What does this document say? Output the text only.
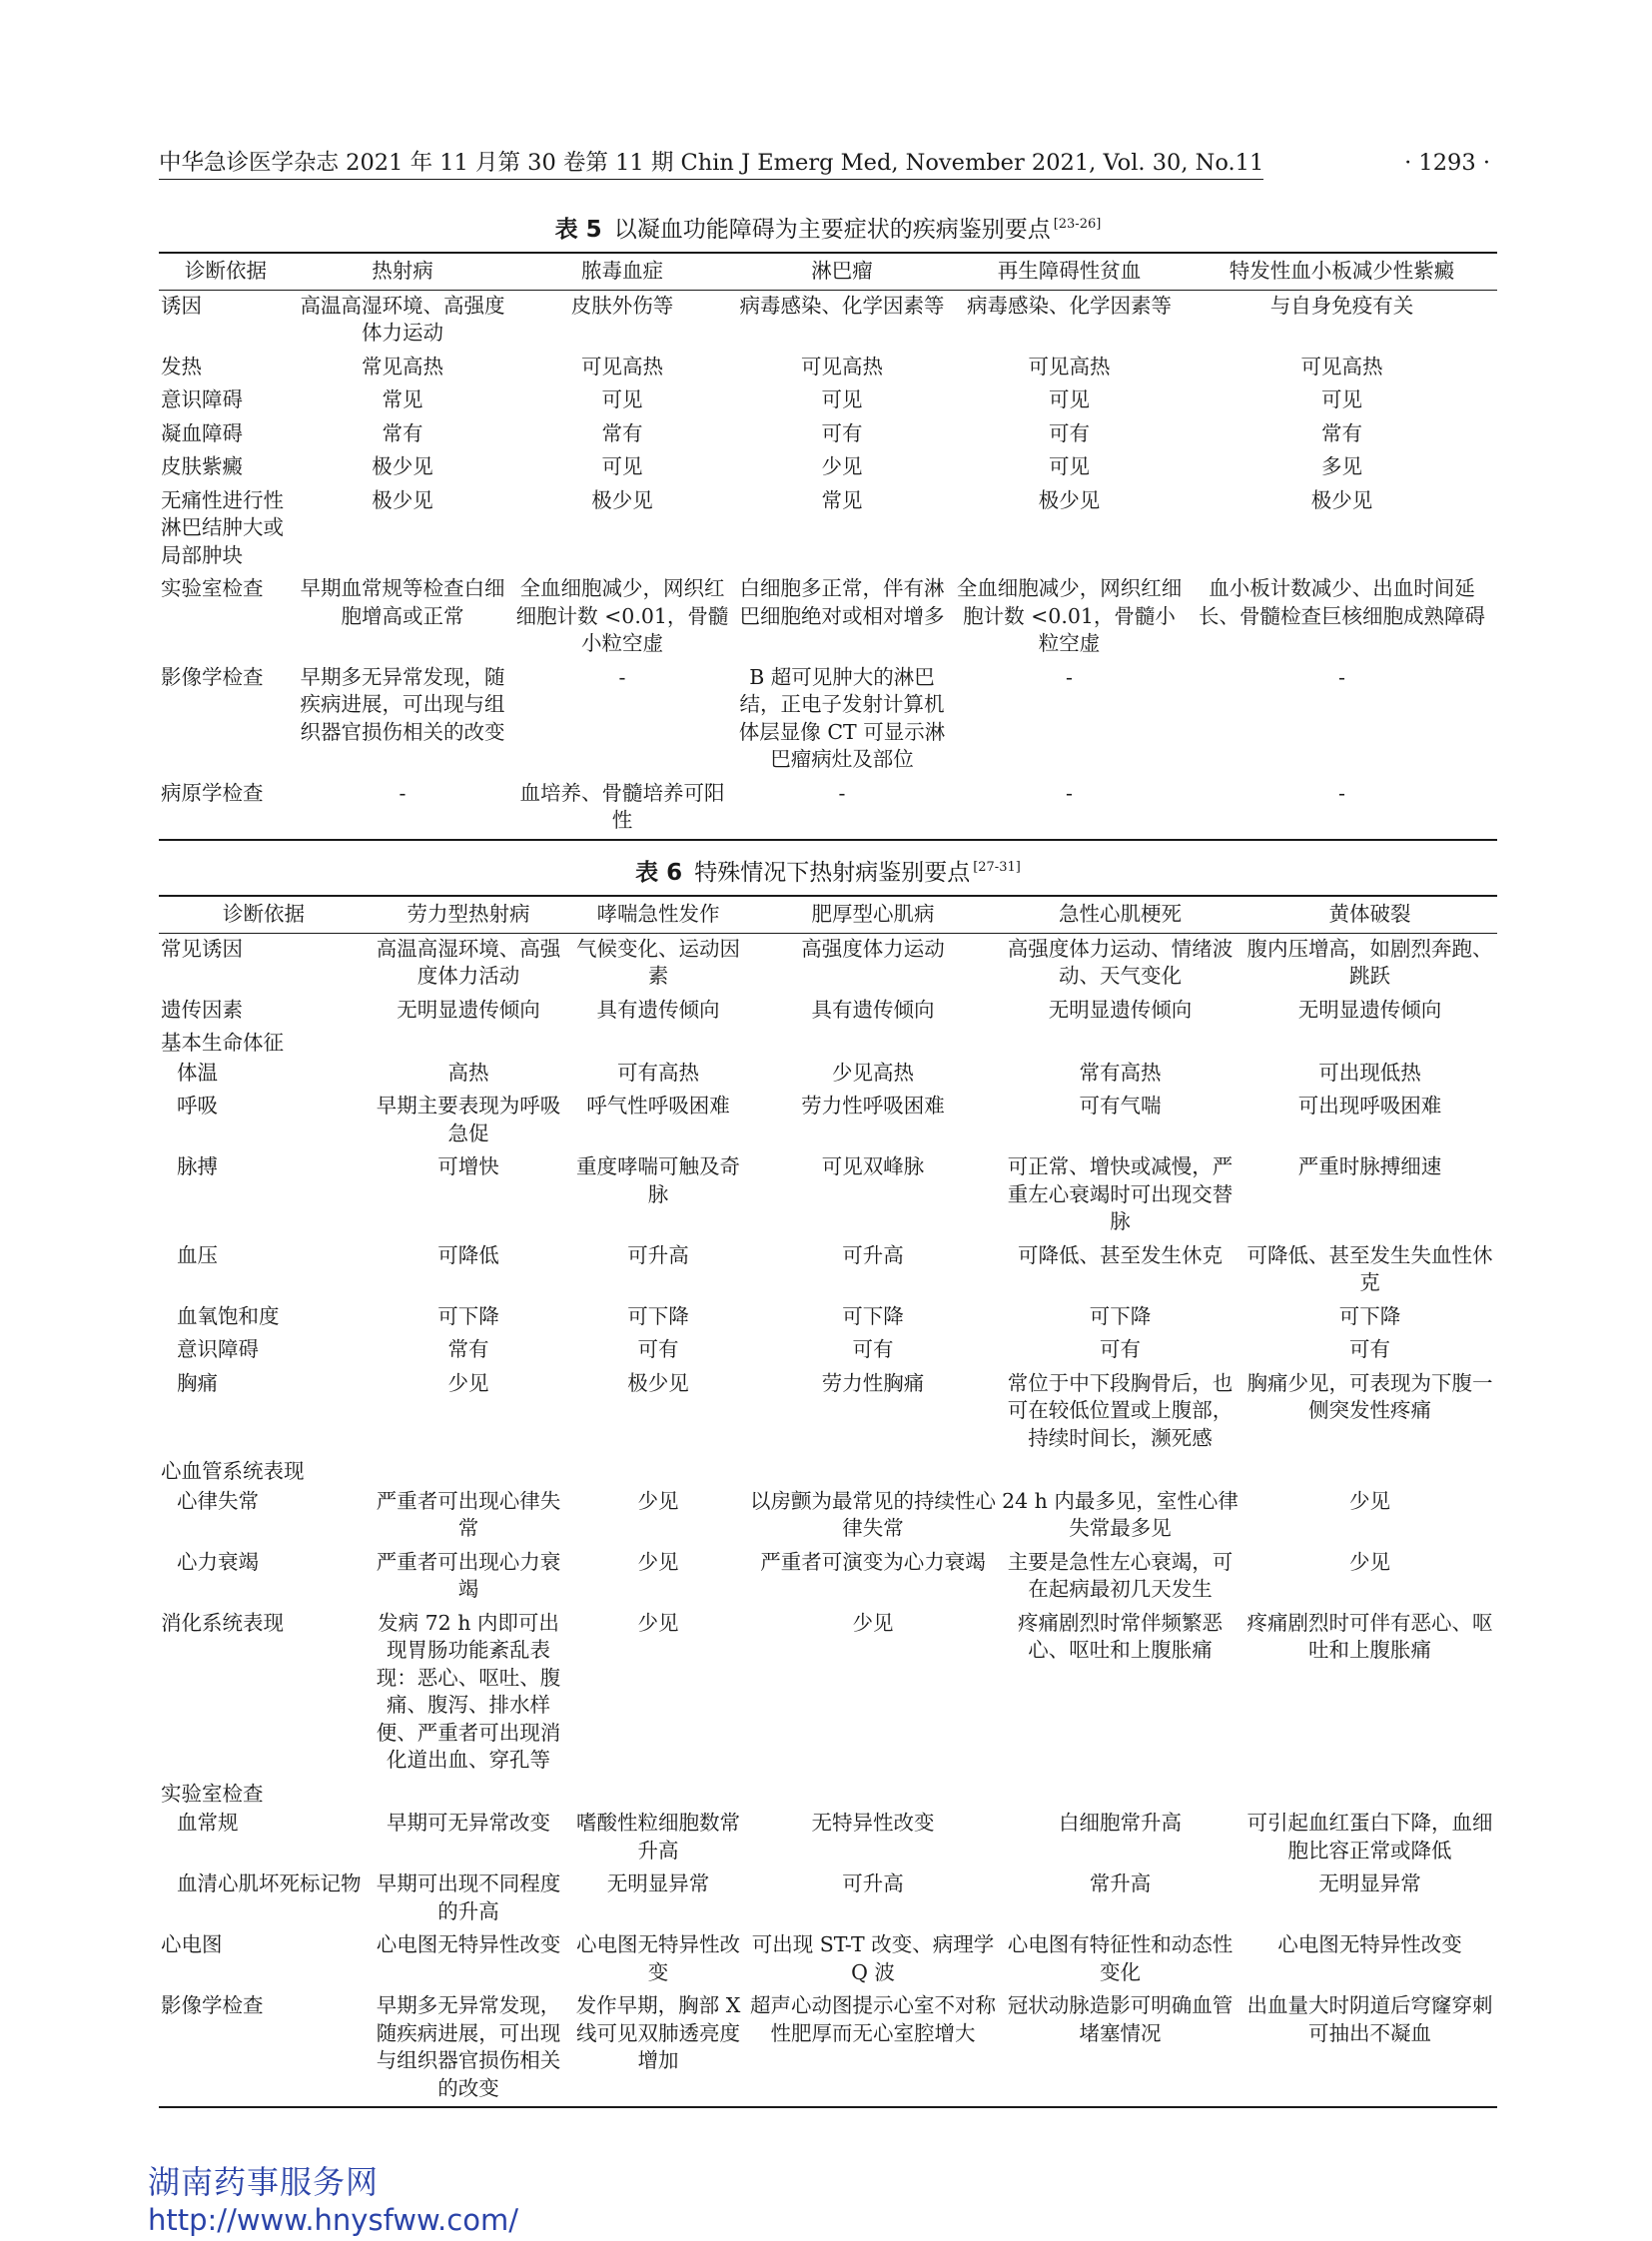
中华急诊医学杂志 2021 年 11 月第 30 卷第 11 期 Chin J Emerg Med, November 2021, Vol. 30, No.11	· 1293 ·
表 5 以凝血功能障碍为主要症状的疾病鉴别要点 [23-26]
诊断依据	热射病	脓毒血症	淋巴瘤	再生障碍性贫血	特发性血小板减少性紫癜
诱因	高温高湿环境、高强度体力运动	皮肤外伤等	病毒感染、化学因素等	病毒感染、化学因素等	与自身免疫有关
发热	常见高热	可见高热	可见高热	可见高热	可见高热
意识障碍	常见	可见	可见	可见	可见
凝血障碍	常有	常有	可有	可有	常有
皮肤紫癜	极少见	可见	少见	可见	多见
无痛性进行性淋巴结肿大或局部肿块	极少见	极少见	常见	极少见	极少见
实验室检查	早期血常规等检查白细胞增高或正常	全血细胞减少，网织红细胞计数 <0.01，骨髓小粒空虚	白细胞多正常，伴有淋巴细胞绝对或相对增多	全血细胞减少，网织红细胞计数 <0.01，骨髓小粒空虚	血小板计数减少、出血时间延长、骨髓检查巨核细胞成熟障碍
影像学检查	早期多无异常发现，随疾病进展，可出现与组织器官损伤相关的改变	-	B 超可见肿大的淋巴结，正电子发射计算机体层显像 CT 可显示淋巴瘤病灶及部位	-	-
病原学检查	-	血培养、骨髓培养可阳性	-	-	-
表 6 特殊情况下热射病鉴别要点 [27-31]
诊断依据	劳力型热射病	哮喘急性发作	肥厚型心肌病	急性心肌梗死	黄体破裂
常见诱因	高温高湿环境、高强度体力活动	气候变化、运动因素	高强度体力运动	高强度体力运动、情绪波动、天气变化	腹内压增高，如剧烈奔跑、跳跃
遗传因素	无明显遗传倾向	具有遗传倾向	具有遗传倾向	无明显遗传倾向	无明显遗传倾向
基本生命体征					
体温	高热	可有高热	少见高热	常有高热	可出现低热
呼吸	早期主要表现为呼吸急促	呼气性呼吸困难	劳力性呼吸困难	可有气喘	可出现呼吸困难
脉搏	可增快	重度哮喘可触及奇脉	可见双峰脉	可正常、增快或减慢，严重左心衰竭时可出现交替脉	严重时脉搏细速
血压	可降低	可升高	可升高	可降低、甚至发生休克	可降低、甚至发生失血性休克
血氧饱和度	可下降	可下降	可下降	可下降	可下降
意识障碍	常有	可有	可有	可有	可有
胸痛	少见	极少见	劳力性胸痛	常位于中下段胸骨后，也可在较低位置或上腹部，持续时间长，濒死感	胸痛少见，可表现为下腹一侧突发性疼痛
心血管系统表现					
心律失常	严重者可出现心律失常	少见	以房颤为最常见的持续性心律失常	24 h 内最多见，室性心律失常最多见	少见
心力衰竭	严重者可出现心力衰竭	少见	严重者可演变为心力衰竭	主要是急性左心衰竭，可在起病最初几天发生	少见
消化系统表现	发病 72 h 内即可出现胃肠功能紊乱表现：恶心、呕吐、腹痛、腹泻、排水样便、严重者可出现消化道出血、穿孔等	少见	少见	疼痛剧烈时常伴频繁恶心、呕吐和上腹胀痛	疼痛剧烈时可伴有恶心、呕吐和上腹胀痛
实验室检查					
血常规	早期可无异常改变	嗜酸性粒细胞数常升高	无特异性改变	白细胞常升高	可引起血红蛋白下降，血细胞比容正常或降低
血清心肌坏死标记物	早期可出现不同程度的升高	无明显异常	可升高	常升高	无明显异常
心电图	心电图无特异性改变	心电图无特异性改变	可出现 ST-T 改变、病理学 Q 波	心电图有特征性和动态性变化	心电图无特异性改变
影像学检查	早期多无异常发现，随疾病进展，可出现与组织器官损伤相关的改变	发作早期，胸部 X 线可见双肺透亮度增加	超声心动图提示心室不对称性肥厚而无心室腔增大	冠状动脉造影可明确血管堵塞情况	出血量大时阴道后穹窿穿刺可抽出不凝血
湖南药事服务网
http://www.hnysfww.com/
